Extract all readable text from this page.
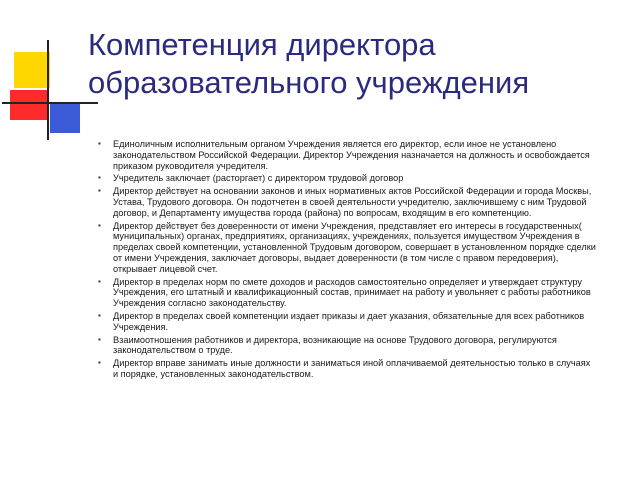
Компетенция директора образовательного учреждения
▪ Единоличным исполнительным органом Учреждения является его директор, если иное не установлено законодательством Российской Федерации. Директор Учреждения назначается на должность и освобождается приказом руководителя учредителя.
▪ Учредитель заключает (расторгает) с директором трудовой договор
▪ Директор действует на основании законов и иных нормативных актов Российской Федерации и города Москвы, Устава, Трудового договора. Он подотчетен в своей деятельности учредителю, заключившему с ним Трудовой договор, и Департаменту имущества города (района) по вопросам, входящим в его компетенцию.
▪ Директор действует без доверенности от имени Учреждения, представляет его интересы в государственных( муниципальных) органах, предприятиях, организациях, учреждениях, пользуется имуществом Учреждения в пределах своей компетенции, установленной Трудовым договором, совершает в установленном порядке сделки от имени Учреждения, заключает договоры, выдает доверенности (в том числе с правом передоверия), открывает лицевой счет.
▪ Директор в пределах норм по смете доходов и расходов самостоятельно определяет и утверждает структуру Учреждения, его штатный и квалификационный состав, принимает на работу и увольняет с работы работников Учреждения согласно законодательству.
▪ Директор в пределах своей компетенции издает приказы и дает указания, обязательные для всех работников Учреждения.
▪ Взаимоотношения работников и директора, возникающие на основе Трудового договора, регулируются законодательством о труде.
▪ Директор вправе занимать иные должности и заниматься иной оплачиваемой деятельностью только в случаях и порядке, установленных законодательством.
